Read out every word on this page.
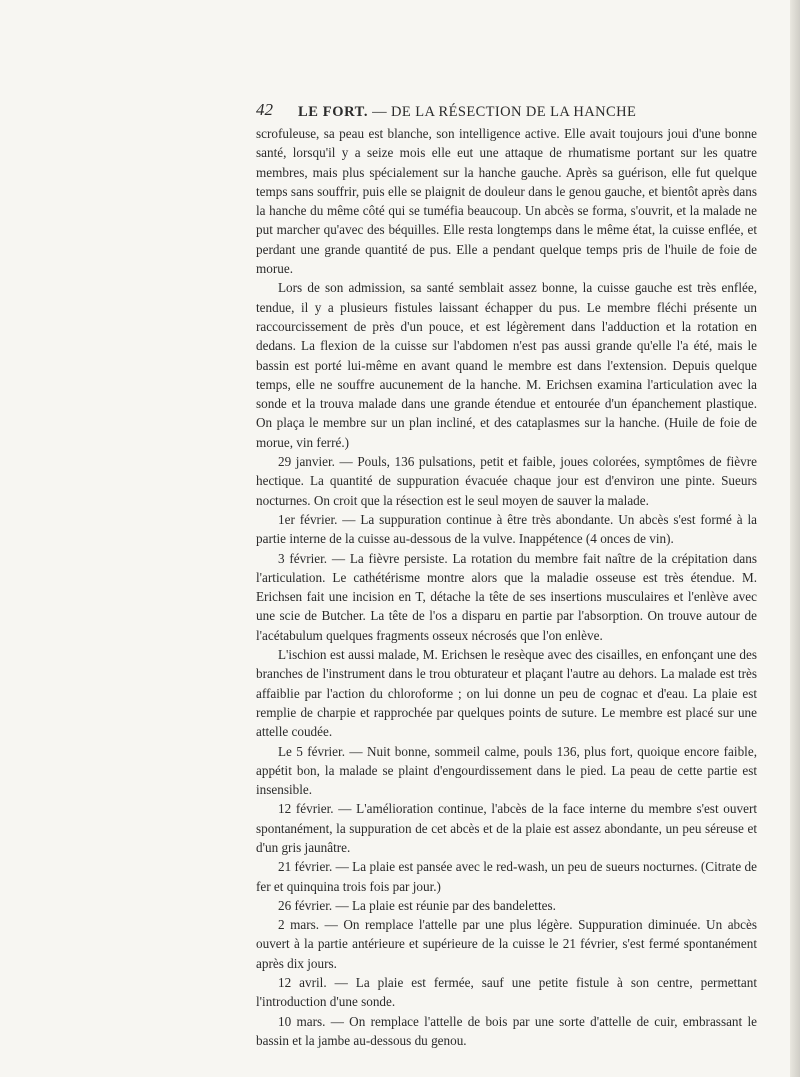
42 LE FORT. — DE LA RÉSECTION DE LA HANCHE

scrofuleuse, sa peau est blanche, son intelligence active. Elle avait toujours joui d'une bonne santé, lorsqu'il y a seize mois elle eut une attaque de rhumatisme portant sur les quatre membres, mais plus spécialement sur la hanche gauche. Après sa guérison, elle fut quelque temps sans souffrir, puis elle se plaignit de douleur dans le genou gauche, et bientôt après dans la hanche du même côté qui se tuméfia beaucoup. Un abcès se forma, s'ouvrit, et la malade ne put marcher qu'avec des béquilles. Elle resta longtemps dans le même état, la cuisse enflée, et perdant une grande quantité de pus. Elle a pendant quelque temps pris de l'huile de foie de morue.

Lors de son admission, sa santé semblait assez bonne, la cuisse gauche est très enflée, tendue, il y a plusieurs fistules laissant échapper du pus. Le membre fléchi présente un raccourcissement de près d'un pouce, et est légèrement dans l'adduction et la rotation en dedans. La flexion de la cuisse sur l'abdomen n'est pas aussi grande qu'elle l'a été, mais le bassin est porté lui-même en avant quand le membre est dans l'extension. Depuis quelque temps, elle ne souffre aucunement de la hanche. M. Erichsen examina l'articulation avec la sonde et la trouva malade dans une grande étendue et entourée d'un épanchement plastique. On plaça le membre sur un plan incliné, et des cataplasmes sur la hanche. (Huile de foie de morue, vin ferré.)

29 janvier. — Pouls, 136 pulsations, petit et faible, joues colorées, symptômes de fièvre hectique. La quantité de suppuration évacuée chaque jour est d'environ une pinte. Sueurs nocturnes. On croit que la résection est le seul moyen de sauver la malade.

1er février. — La suppuration continue à être très abondante. Un abcès s'est formé à la partie interne de la cuisse au-dessous de la vulve. Inappétence (4 onces de vin).

3 février. — La fièvre persiste. La rotation du membre fait naître de la crépitation dans l'articulation. Le cathétérisme montre alors que la maladie osseuse est très étendue. M. Erichsen fait une incision en T, détache la tête de ses insertions musculaires et l'enlève avec une scie de Butcher. La tête de l'os a disparu en partie par l'absorption. On trouve autour de l'acétabulum quelques fragments osseux nécrosés que l'on enlève.

L'ischion est aussi malade, M. Erichsen le resèque avec des cisailles, en enfonçant une des branches de l'instrument dans le trou obturateur et plaçant l'autre au dehors. La malade est très affaiblie par l'action du chloroforme ; on lui donne un peu de cognac et d'eau. La plaie est remplie de charpie et rapprochée par quelques points de suture. Le membre est placé sur une attelle coudée.

Le 5 février. — Nuit bonne, sommeil calme, pouls 136, plus fort, quoique encore faible, appétit bon, la malade se plaint d'engourdissement dans le pied. La peau de cette partie est insensible.

12 février. — L'amélioration continue, l'abcès de la face interne du membre s'est ouvert spontanément, la suppuration de cet abcès et de la plaie est assez abondante, un peu séreuse et d'un gris jaunâtre.

21 février. — La plaie est pansée avec le red-wash, un peu de sueurs nocturnes. (Citrate de fer et quinquina trois fois par jour.)

26 février. — La plaie est réunie par des bandelettes.

2 mars. — On remplace l'attelle par une plus légère. Suppuration diminuée. Un abcès ouvert à la partie antérieure et supérieure de la cuisse le 21 février, s'est fermé spontanément après dix jours.

12 avril. — La plaie est fermée, sauf une petite fistule à son centre, permettant l'introduction d'une sonde.

10 mars. — On remplace l'attelle de bois par une sorte d'attelle de cuir, embrassant le bassin et la jambe au-dessous du genou.
